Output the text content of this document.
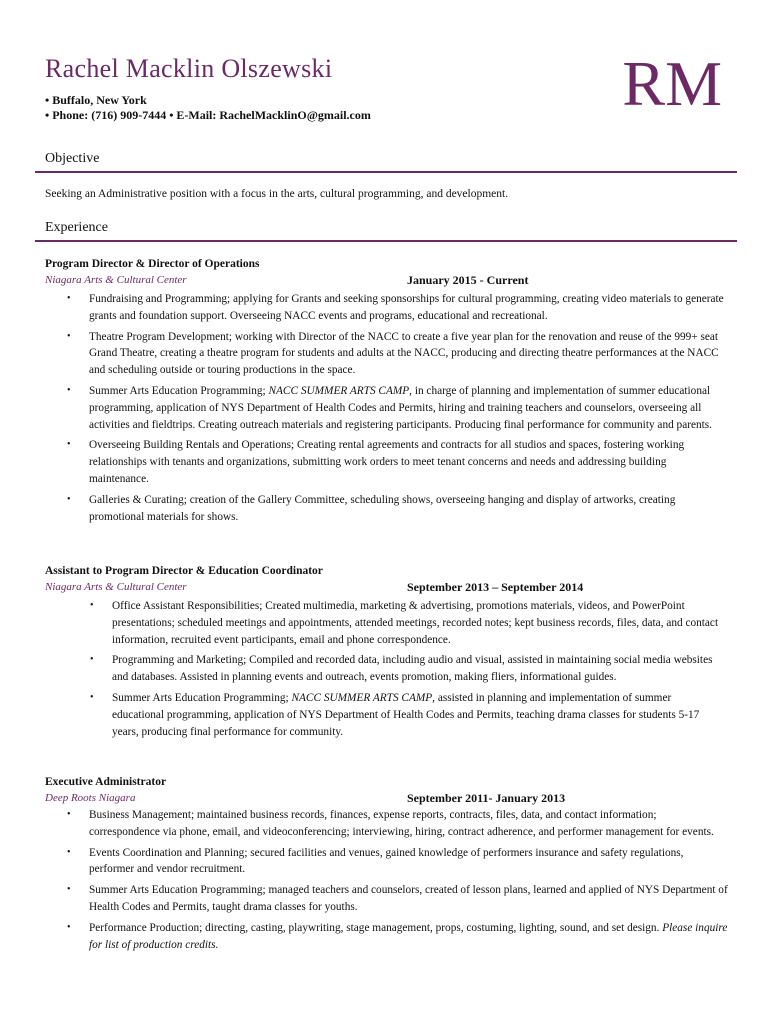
Rachel Macklin Olszewski	RM
• Buffalo, New York
• Phone: (716) 909-7444 • E-Mail: RachelMacklinO@gmail.com
Objective
Seeking an Administrative position with a focus in the arts, cultural programming, and development.
Experience
Program Director & Director of Operations
Niagara Arts & Cultural Center	January 2015 - Current
• Fundraising and Programming; applying for Grants and seeking sponsorships for cultural programming, creating video materials to generate grants and foundation support. Overseeing NACC events and programs, educational and recreational.
• Theatre Program Development; working with Director of the NACC to create a five year plan for the renovation and reuse of the 999+ seat Grand Theatre, creating a theatre program for students and adults at the NACC, producing and directing theatre performances at the NACC and scheduling outside or touring productions in the space.
• Summer Arts Education Programming; NACC SUMMER ARTS CAMP, in charge of planning and implementation of summer educational programming, application of NYS Department of Health Codes and Permits, hiring and training teachers and counselors, overseeing all activities and fieldtrips. Creating outreach materials and registering participants. Producing final performance for community and parents.
• Overseeing Building Rentals and Operations; Creating rental agreements and contracts for all studios and spaces, fostering working relationships with tenants and organizations, submitting work orders to meet tenant concerns and needs and addressing building maintenance.
• Galleries & Curating; creation of the Gallery Committee, scheduling shows, overseeing hanging and display of artworks, creating promotional materials for shows.
Assistant to Program Director & Education Coordinator
Niagara Arts & Cultural Center	September 2013 – September 2014
• Office Assistant Responsibilities; Created multimedia, marketing & advertising, promotions materials, videos, and PowerPoint presentations; scheduled meetings and appointments, attended meetings, recorded notes; kept business records, files, data, and contact information, recruited event participants, email and phone correspondence.
• Programming and Marketing; Compiled and recorded data, including audio and visual, assisted in maintaining social media websites and databases. Assisted in planning events and outreach, events promotion, making fliers, informational guides.
• Summer Arts Education Programming; NACC SUMMER ARTS CAMP, assisted in planning and implementation of summer educational programming, application of NYS Department of Health Codes and Permits, teaching drama classes for students 5-17 years, producing final performance for community.
Executive Administrator
Deep Roots Niagara	September 2011- January 2013
• Business Management; maintained business records, finances, expense reports, contracts, files, data, and contact information; correspondence via phone, email, and videoconferencing; interviewing, hiring, contract adherence, and performer management for events.
• Events Coordination and Planning; secured facilities and venues, gained knowledge of performers insurance and safety regulations, performer and vendor recruitment.
• Summer Arts Education Programming; managed teachers and counselors, created of lesson plans, learned and applied of NYS Department of Health Codes and Permits, taught drama classes for youths.
• Performance Production; directing, casting, playwriting, stage management, props, costuming, lighting, sound, and set design. Please inquire for list of production credits.
